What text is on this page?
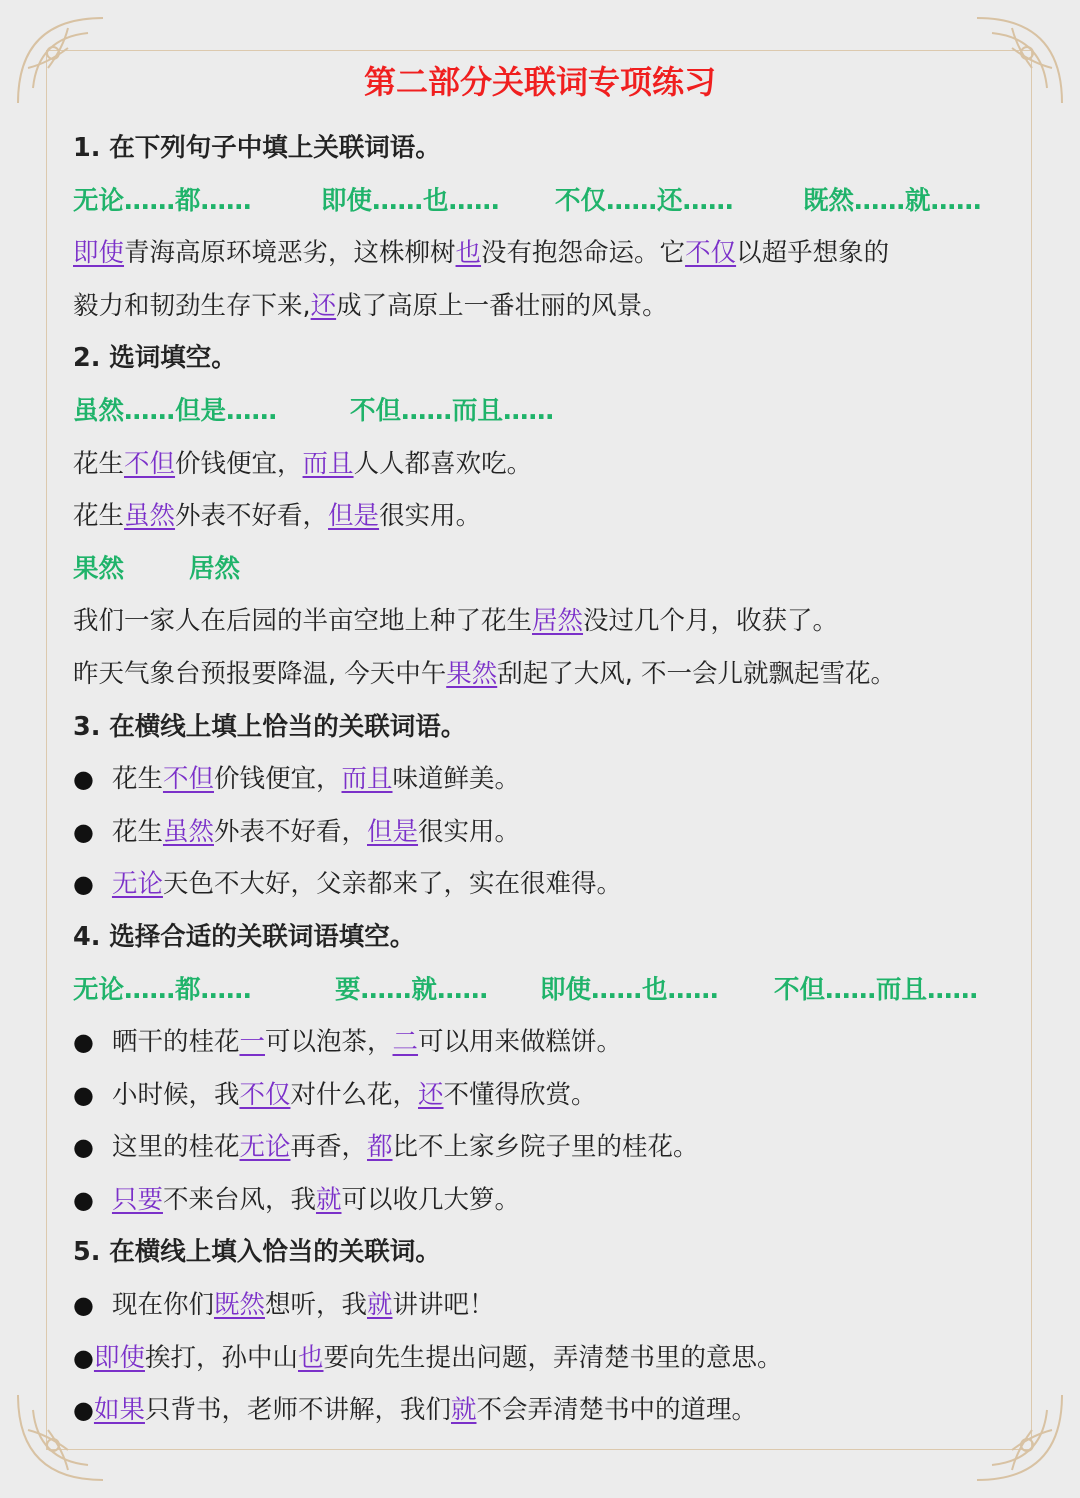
第二部分关联词专项练习
1. 在下列句子中填上关联词语。
无论……都……	即使……也…… 不仅……还……	既然……就……
即使青海高原环境恶劣，这株柳树也没有抱怨命运。它不仅以超乎想象的
毅力和韧劲生存下来,还成了高原上一番壮丽的风景。
2. 选词填空。
虽然……但是……	不但……而且……
花生不但价钱便宜，而且人人都喜欢吃。
花生虽然外表不好看，但是很实用。
果然	居然
我们一家人在后园的半亩空地上种了花生居然没过几个月，收获了。
昨天气象台预报要降温, 今天中午果然刮起了大风, 不一会儿就飘起雪花。
3. 在横线上填上恰当的关联词语。
● 花生不但价钱便宜，而且味道鲜美。
● 花生虽然外表不好看，但是很实用。
● 无论天色不大好，父亲都来了，实在很难得。
4. 选择合适的关联词语填空。
无论……都……	要……就…… 即使……也…… 不但……而且……
● 晒干的桂花一可以泡茶，二可以用来做糕饼。
● 小时候，我不仅对什么花，还不懂得欣赏。
● 这里的桂花无论再香，都比不上家乡院子里的桂花。
● 只要不来台风，我就可以收几大箩。
5. 在横线上填入恰当的关联词。
● 现在你们既然想听，我就讲讲吧！
●即使挨打，孙中山也要向先生提出问题，弄清楚书里的意思。
●如果只背书，老师不讲解，我们就不会弄清楚书中的道理。
